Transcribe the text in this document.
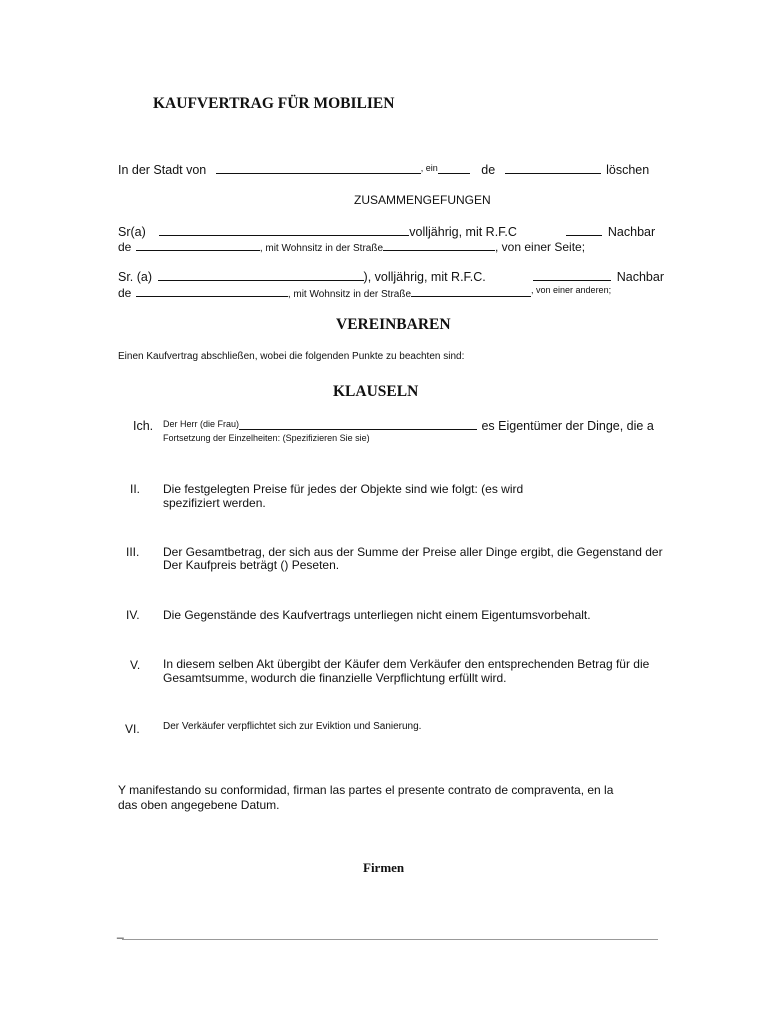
KAUFVERTRAG FÜR MOBILIEN
In der Stadt von	$^{, ein}$	de	löschen
ZUSAMMENGEFUNGEN
Sr(a)	volljährig, mit R.F.C	Nachbar
de	, mit Wohnsitz in der Straße	, von einer Seite;
Sr. (a)	), volljährig, mit R.F.C.	Nachbar
de	, mit Wohnsitz in der Straße	$^{, von einer anderen;}$
VEREINBAREN
Einen Kaufvertrag abschließen, wobei die folgenden Punkte zu beachten sind:
KLAUSELN
Ich. Der Herr (die Frau)	es Eigentümer der Dinge, die a
Fortsetzung der Einzelheiten: (Spezifizieren Sie sie)
II. Die festgelegten Preise für jedes der Objekte sind wie folgt: (es wird
spezifiziert werden.
III. Der Gesamtbetrag, der sich aus der Summe der Preise aller Dinge ergibt, die Gegenstand der
Der Kaufpreis beträgt () Peseten.
IV. Die Gegenstände des Kaufvertrags unterliegen nicht einem Eigentumsvorbehalt.
V. In diesem selben Akt übergibt der Käufer dem Verkäufer den entsprechenden Betrag für die
Gesamtsumme, wodurch die finanzielle Verpflichtung erfüllt wird.
VI. Der Verkäufer verpflichtet sich zur Eviktion und Sanierung.
Y manifestando su conformidad, firman las partes el presente contrato de compraventa, en la
das oben angegebene Datum.
Firmen
_
